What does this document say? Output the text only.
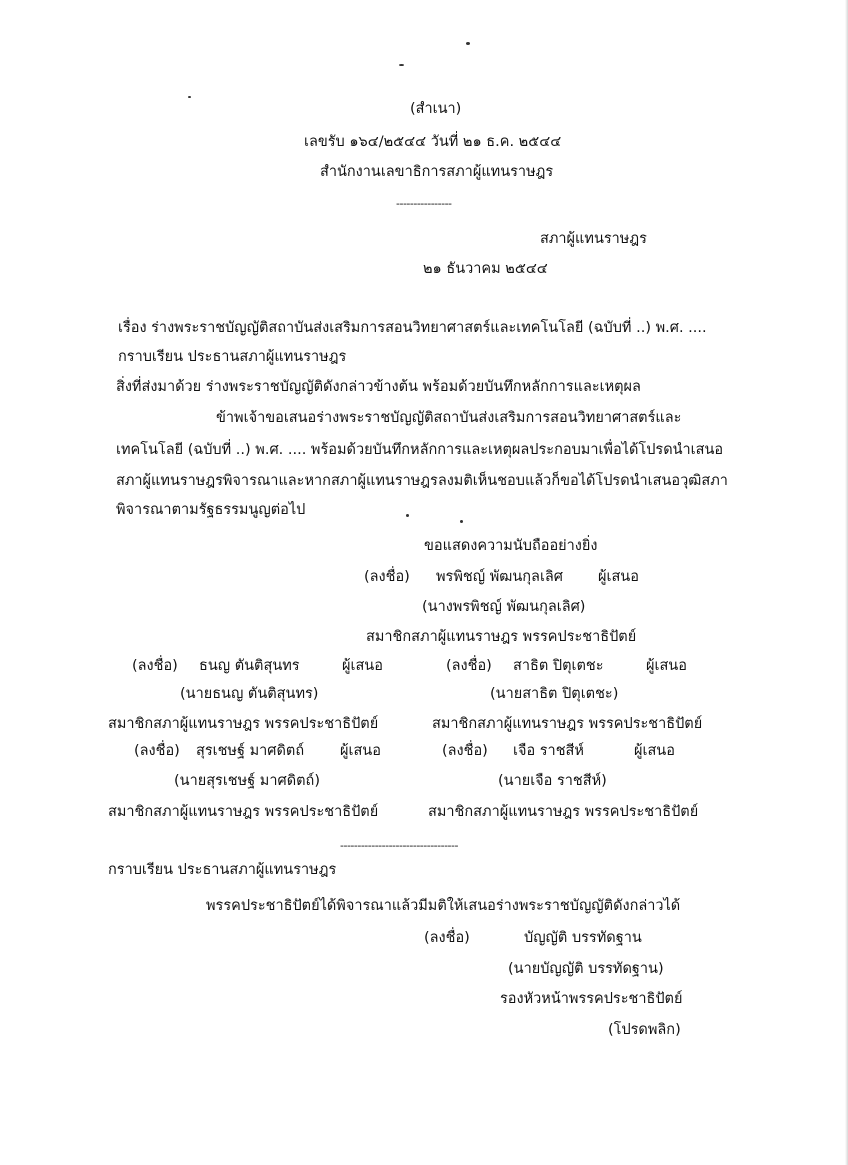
(สำเนา)
เลขรับ ๑๖๔/๒๕๔๔ วันที่ ๒๑ ธ.ค. ๒๕๔๔
สำนักงานเลขาธิการสภาผู้แทนราษฎร
----------------
สภาผู้แทนราษฎร
๒๑ ธันวาคม ๒๕๔๔
เรื่อง ร่างพระราชบัญญัติสถาบันส่งเสริมการสอนวิทยาศาสตร์และเทคโนโลยี (ฉบับที่ ..) พ.ศ. ....
กราบเรียน ประธานสภาผู้แทนราษฎร
สิ่งที่ส่งมาด้วย ร่างพระราชบัญญัติดังกล่าวข้างต้น พร้อมด้วยบันทึกหลักการและเหตุผล
ข้าพเจ้าขอเสนอร่างพระราชบัญญัติสถาบันส่งเสริมการสอนวิทยาศาสตร์และ
เทคโนโลยี (ฉบับที่ ..) พ.ศ. .... พร้อมด้วยบันทึกหลักการและเหตุผลประกอบมาเพื่อได้โปรดนำเสนอ
สภาผู้แทนราษฎรพิจารณาและหากสภาผู้แทนราษฎรลงมติเห็นชอบแล้วก็ขอได้โปรดนำเสนอวุฒิสภา
พิจารณาตามรัฐธรรมนูญต่อไป
ขอแสดงความนับถืออย่างยิ่ง
(ลงชื่อ) พรพิชญ์ พัฒนกุลเลิศ ผู้เสนอ
(นางพรพิชญ์ พัฒนกุลเลิศ)
สมาชิกสภาผู้แทนราษฎร พรรคประชาธิปัตย์
(ลงชื่อ) ธนญ ตันติสุนทร	ผู้เสนอ	(ลงชื่อ) สาธิต ปิตุเตชะ	ผู้เสนอ
(นายธนญ ตันติสุนทร)	(นายสาธิต ปิตุเตชะ)
สมาชิกสภาผู้แทนราษฎร พรรคประชาธิปัตย์	สมาชิกสภาผู้แทนราษฎร พรรคประชาธิปัตย์
(ลงชื่อ) สุรเชษฐ์ มาศดิตถ์ ผู้เสนอ	(ลงชื่อ) เจือ ราชสีห์	ผู้เสนอ
(นายสุรเชษฐ์ มาศดิตถ์)	(นายเจือ ราชสีห์)
สมาชิกสภาผู้แทนราษฎร พรรคประชาธิปัตย์	สมาชิกสภาผู้แทนราษฎร พรรคประชาธิปัตย์
----------------------------------
กราบเรียน ประธานสภาผู้แทนราษฎร
พรรคประชาธิปัตย์ได้พิจารณาแล้วมีมติให้เสนอร่างพระราชบัญญัติดังกล่าวได้
(ลงชื่อ)	บัญญัติ บรรทัดฐาน
(นายบัญญัติ บรรทัดฐาน)
รองหัวหน้าพรรคประชาธิปัตย์
(โปรดพลิก)
